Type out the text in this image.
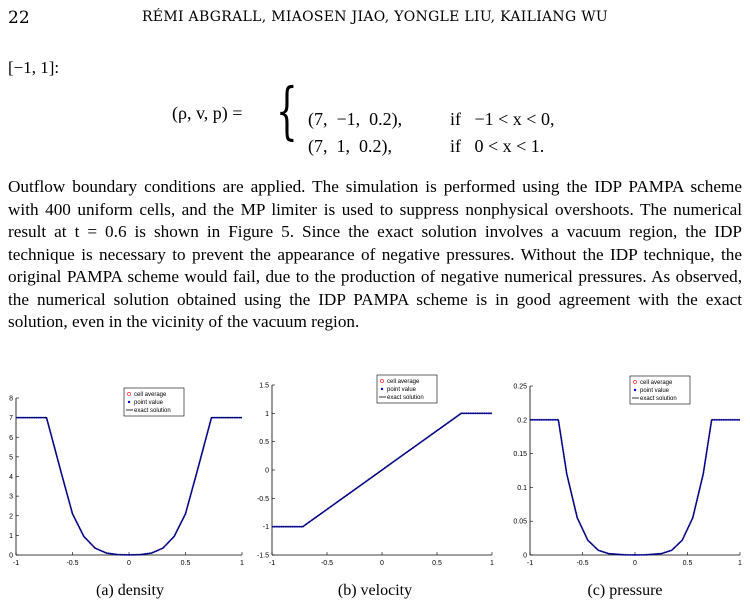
22	RÉMI ABGRALL, MIAOSEN JIAO, YONGLE LIU, KAILIANG WU
[−1, 1]:
(ρ, v, p) = { (7,  −1,  0.2),	if   −1 < x < 0,

(7,  1,  0.2),	if   0 < x < 1.

Outflow boundary conditions are applied. The simulation is performed using the IDP PAMPA scheme with 400 uniform cells, and the MP limiter is used to suppress nonphysical overshoots. The numerical result at t = 0.6 is shown in Figure 5. Since the exact solution involves a vacuum region, the IDP technique is necessary to prevent the appearance of negative pressures. Without the IDP technique, the original PAMPA scheme would fail, due to the production of negative numerical pressures. As observed, the numerical solution obtained using the IDP PAMPA scheme is in good agreement with the exact solution, even in the vicinity of the vacuum region.
-1	-0.5	0	0.5	1
0
1
2
3
4
5
6
7
8
cell average
point value
exact solution
-1	-0.5	0	0.5	1
-1.5
-1
-0.5
0
0.5
1
1.5
cell average
point value
exact solution
-1	-0.5	0	0.5	1
0
0.05
0.1
0.15
0.2
0.25
cell average
point value
exact solution
(a) density	(b) velocity	(c) pressure
